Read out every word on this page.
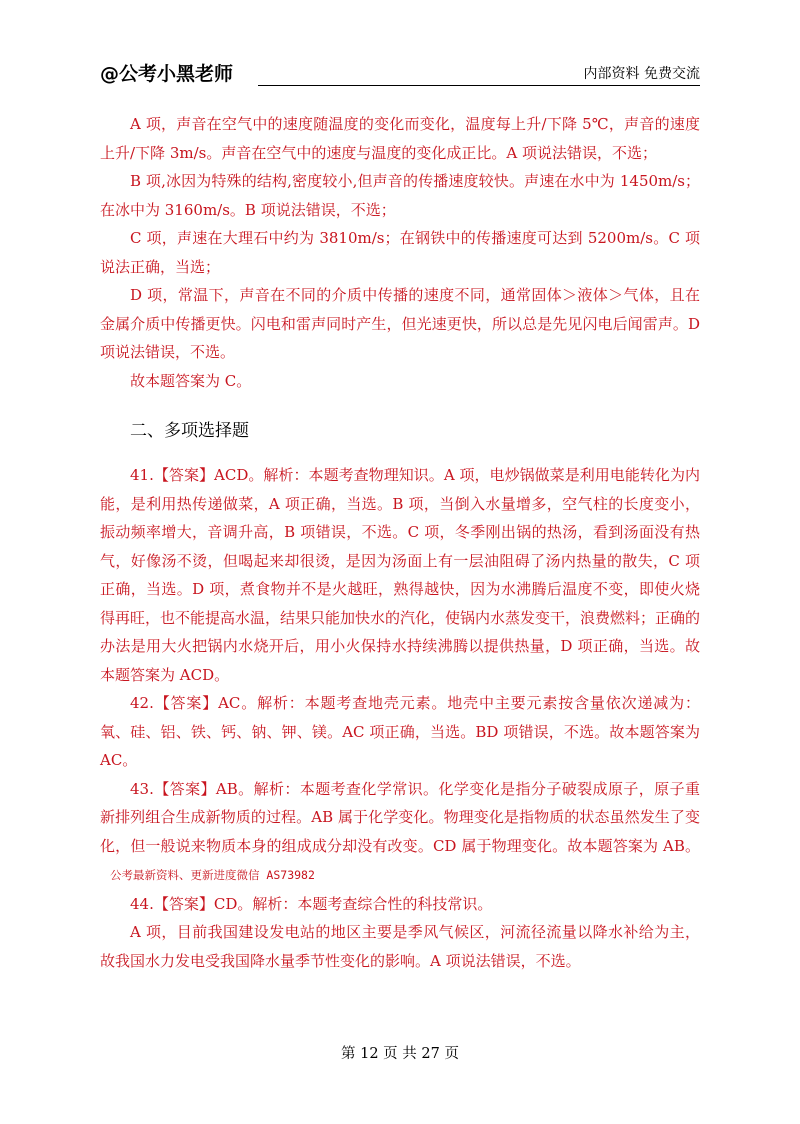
@公考小黑老师	内部资料 免费交流

A 项，声音在空气中的速度随温度的变化而变化，温度每上升/下降 5℃，声音的速度上升/下降 3m/s。声音在空气中的速度与温度的变化成正比。A 项说法错误，不选；

B 项,冰因为特殊的结构,密度较小,但声音的传播速度较快。声速在水中为 1450m/s；在冰中为 3160m/s。B 项说法错误，不选；

C 项，声速在大理石中约为 3810m/s；在钢铁中的传播速度可达到 5200m/s。C 项说法正确，当选；

D 项，常温下，声音在不同的介质中传播的速度不同，通常固体＞液体＞气体，且在金属介质中传播更快。闪电和雷声同时产生，但光速更快，所以总是先见闪电后闻雷声。D 项说法错误，不选。

故本题答案为 C。

二、多项选择题

41.【答案】ACD。解析：本题考查物理知识。A 项，电炒锅做菜是利用电能转化为内能，是利用热传递做菜，A 项正确，当选。B 项，当倒入水量增多，空气柱的长度变小，振动频率增大，音调升高，B 项错误，不选。C 项，冬季刚出锅的热汤，看到汤面没有热气，好像汤不烫，但喝起来却很烫，是因为汤面上有一层油阻碍了汤内热量的散失，C 项正确，当选。D 项，煮食物并不是火越旺，熟得越快，因为水沸腾后温度不变，即使火烧得再旺，也不能提高水温，结果只能加快水的汽化，使锅内水蒸发变干，浪费燃料；正确的办法是用大火把锅内水烧开后，用小火保持水持续沸腾以提供热量，D 项正确，当选。故本题答案为 ACD。

42.【答案】AC。解析：本题考查地壳元素。地壳中主要元素按含量依次递减为：氧、硅、铝、铁、钙、钠、钾、镁。AC 项正确，当选。BD 项错误，不选。故本题答案为 AC。

43.【答案】AB。解析：本题考查化学常识。化学变化是指分子破裂成原子，原子重新排列组合生成新物质的过程。AB 属于化学变化。物理变化是指物质的状态虽然发生了变化，但一般说来物质本身的组成成分却没有改变。CD 属于物理变化。故本题答案为 AB。公考最新资料、更新进度微信 AS73982

44.【答案】CD。解析：本题考查综合性的科技常识。

A 项，目前我国建设发电站的地区主要是季风气候区，河流径流量以降水补给为主，故我国水力发电受我国降水量季节性变化的影响。A 项说法错误，不选。

第 12 页 共 27 页
